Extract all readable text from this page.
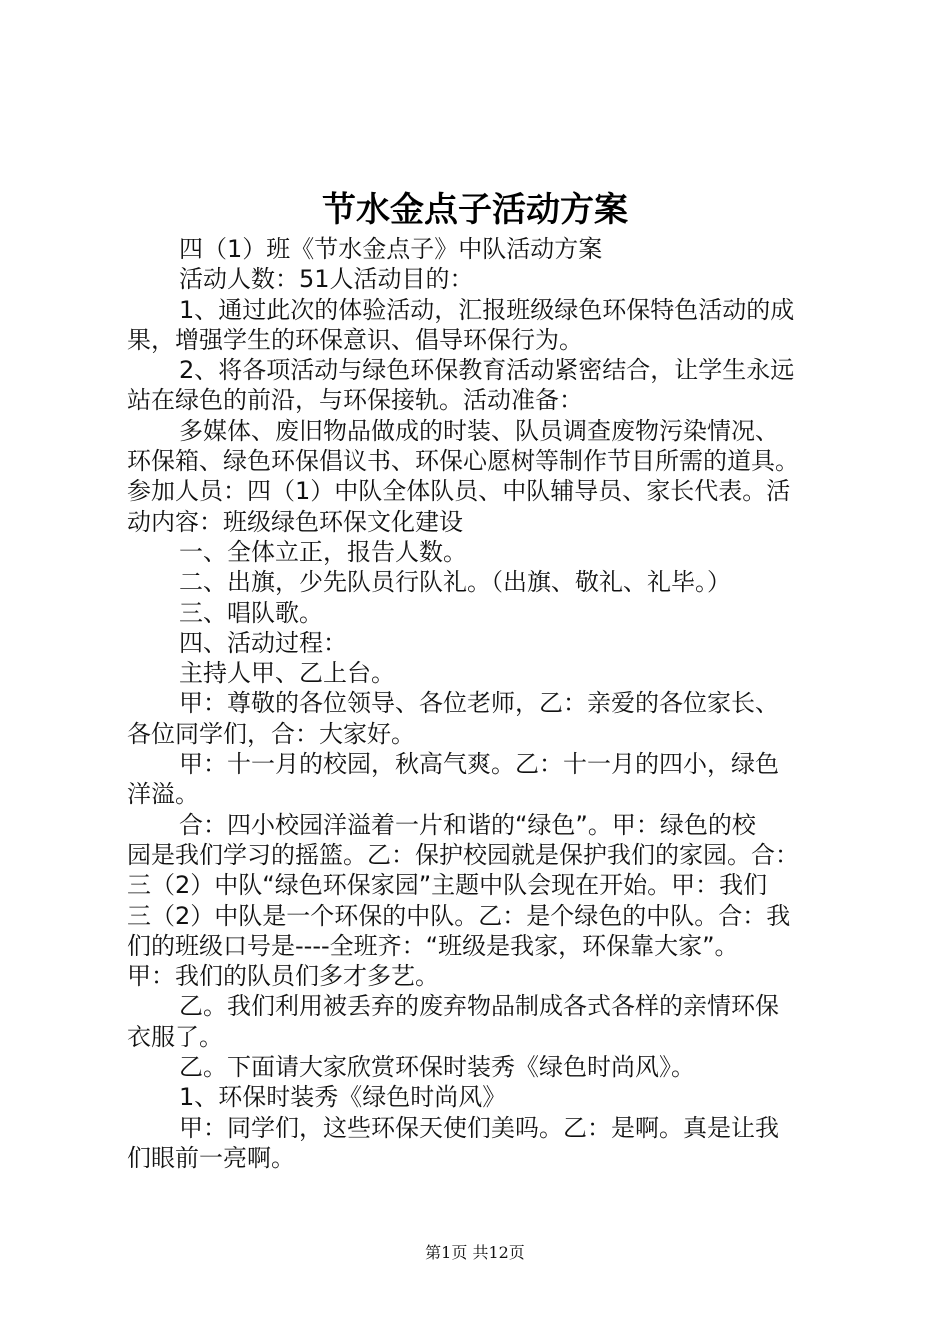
节水金点子活动方案
四（1）班《节水金点子》中队活动方案
活动人数：51人活动目的：
1、通过此次的体验活动，汇报班级绿色环保特色活动的成
果，增强学生的环保意识、倡导环保行为。
2、将各项活动与绿色环保教育活动紧密结合，让学生永远
站在绿色的前沿，与环保接轨。活动准备：
多媒体、废旧物品做成的时装、队员调查废物污染情况、
环保箱、绿色环保倡议书、环保心愿树等制作节目所需的道具。
参加人员：四（1）中队全体队员、中队辅导员、家长代表。活
动内容：班级绿色环保文化建设
一、全体立正，报告人数。
二、出旗，少先队员行队礼。（出旗、敬礼、礼毕。）
三、唱队歌。
四、活动过程：
主持人甲、乙上台。
甲：尊敬的各位领导、各位老师，乙：亲爱的各位家长、
各位同学们，合：大家好。
甲：十一月的校园，秋高气爽。乙：十一月的四小，绿色
洋溢。
合：四小校园洋溢着一片和谐的“绿色”。甲：绿色的校
园是我们学习的摇篮。乙：保护校园就是保护我们的家园。合：
三（2）中队“绿色环保家园”主题中队会现在开始。甲：我们
三（2）中队是一个环保的中队。乙：是个绿色的中队。合：我
们的班级口号是----全班齐：“班级是我家，环保靠大家”。
甲：我们的队员们多才多艺。
乙。我们利用被丢弃的废弃物品制成各式各样的亲情环保
衣服了。
乙。下面请大家欣赏环保时装秀《绿色时尚风》。
1、环保时装秀《绿色时尚风》
甲：同学们，这些环保天使们美吗。乙：是啊。真是让我
们眼前一亮啊。
第1页 共12页
